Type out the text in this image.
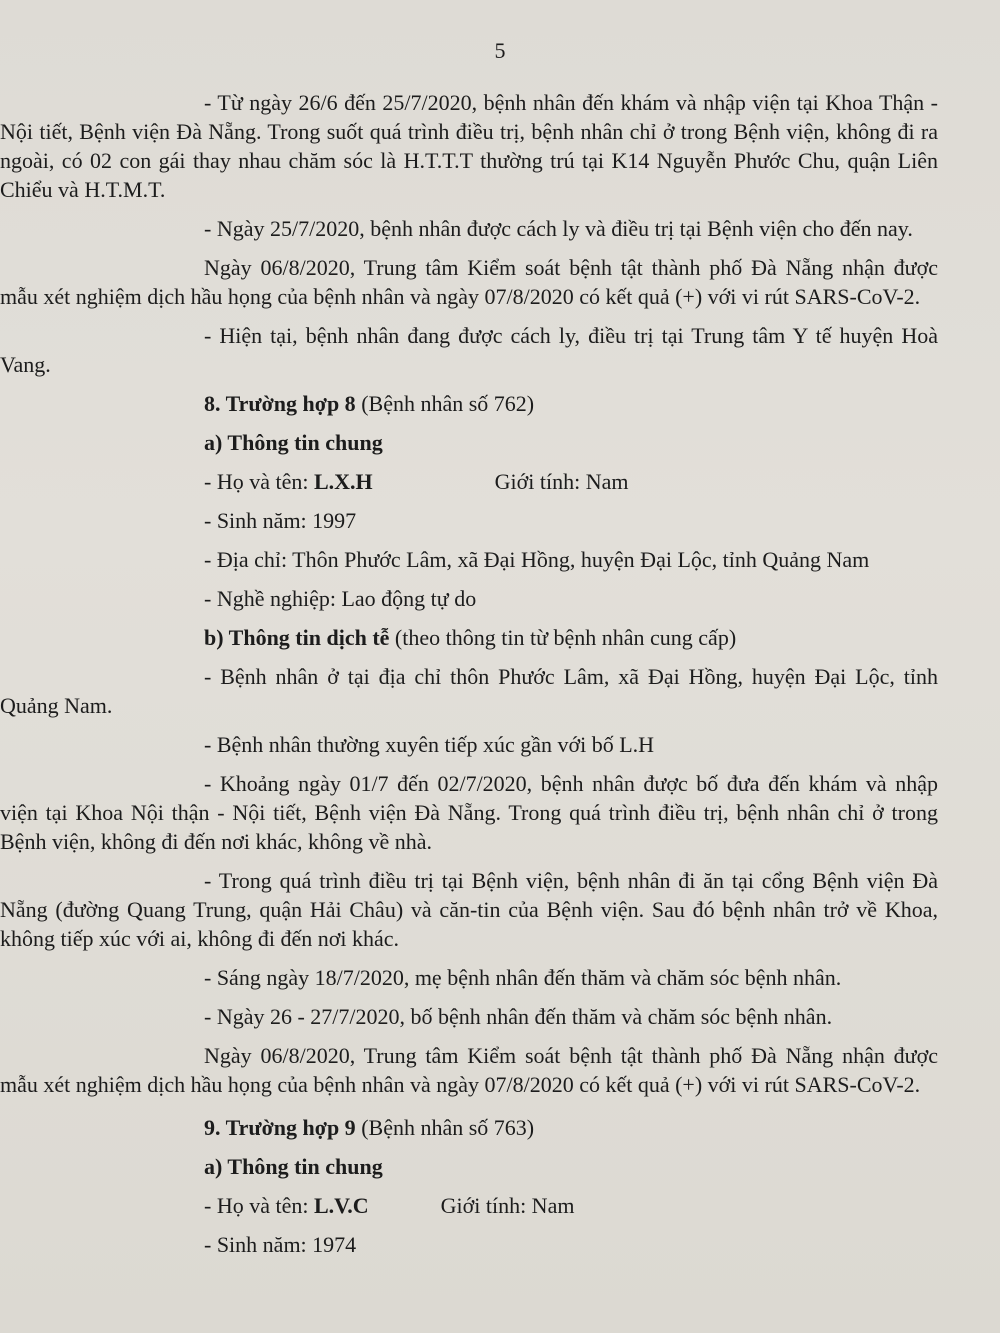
5

- Từ ngày 26/6 đến 25/7/2020, bệnh nhân đến khám và nhập viện tại Khoa Thận - Nội tiết, Bệnh viện Đà Nẵng. Trong suốt quá trình điều trị, bệnh nhân chỉ ở trong Bệnh viện, không đi ra ngoài, có 02 con gái thay nhau chăm sóc là H.T.T.T thường trú tại K14 Nguyễn Phước Chu, quận Liên Chiểu và H.T.M.T.

- Ngày 25/7/2020, bệnh nhân được cách ly và điều trị tại Bệnh viện cho đến nay.

Ngày 06/8/2020, Trung tâm Kiểm soát bệnh tật thành phố Đà Nẵng nhận được mẫu xét nghiệm dịch hầu họng của bệnh nhân và ngày 07/8/2020 có kết quả (+) với vi rút SARS-CoV-2.

- Hiện tại, bệnh nhân đang được cách ly, điều trị tại Trung tâm Y tế huyện Hoà Vang.

8. Trường hợp 8 (Bệnh nhân số 762)

a) Thông tin chung

- Họ và tên: L.X.H	Giới tính: Nam

- Sinh năm: 1997

- Địa chỉ: Thôn Phước Lâm, xã Đại Hồng, huyện Đại Lộc, tỉnh Quảng Nam

- Nghề nghiệp: Lao động tự do

b) Thông tin dịch tễ (theo thông tin từ bệnh nhân cung cấp)

- Bệnh nhân ở tại địa chỉ thôn Phước Lâm, xã Đại Hồng, huyện Đại Lộc, tỉnh Quảng Nam.

- Bệnh nhân thường xuyên tiếp xúc gần với bố L.H

- Khoảng ngày 01/7 đến 02/7/2020, bệnh nhân được bố đưa đến khám và nhập viện tại Khoa Nội thận - Nội tiết, Bệnh viện Đà Nẵng. Trong quá trình điều trị, bệnh nhân chỉ ở trong Bệnh viện, không đi đến nơi khác, không về nhà.

- Trong quá trình điều trị tại Bệnh viện, bệnh nhân đi ăn tại cổng Bệnh viện Đà Nẵng (đường Quang Trung, quận Hải Châu) và căn-tin của Bệnh viện. Sau đó bệnh nhân trở về Khoa, không tiếp xúc với ai, không đi đến nơi khác.

- Sáng ngày 18/7/2020, mẹ bệnh nhân đến thăm và chăm sóc bệnh nhân.

- Ngày 26 - 27/7/2020, bố bệnh nhân đến thăm và chăm sóc bệnh nhân.

Ngày 06/8/2020, Trung tâm Kiểm soát bệnh tật thành phố Đà Nẵng nhận được mẫu xét nghiệm dịch hầu họng của bệnh nhân và ngày 07/8/2020 có kết quả (+) với vi rút SARS-CoV-2.

9. Trường hợp 9 (Bệnh nhân số 763)

a) Thông tin chung

- Họ và tên: L.V.C	Giới tính: Nam

- Sinh năm: 1974
